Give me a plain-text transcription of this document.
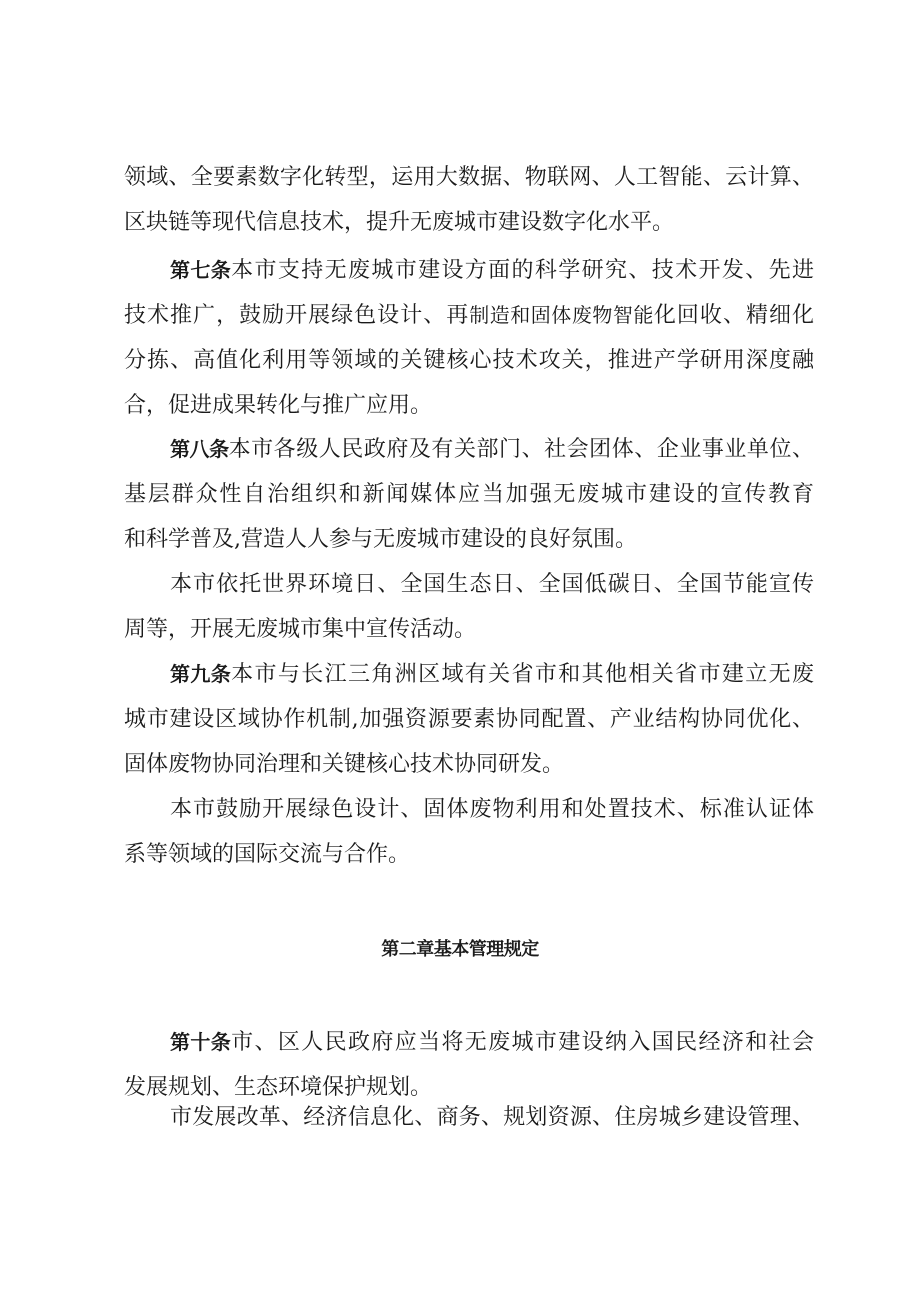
领域、全要素数字化转型，运用大数据、物联网、人工智能、云计算、
区块链等现代信息技术，提升无废城市建设数字化水平。
第七条本市支持无废城市建设方面的科学研究、技术开发、先进
技术推广，鼓励开展绿色设计、再制造和固体废物智能化回收、精细化
分拣、高值化利用等领域的关键核心技术攻关，推进产学研用深度融
合，促进成果转化与推广应用。
第八条本市各级人民政府及有关部门、社会团体、企业事业单位、
基层群众性自治组织和新闻媒体应当加强无废城市建设的宣传教育
和科学普及,营造人人参与无废城市建设的良好氛围。
本市依托世界环境日、全国生态日、全国低碳日、全国节能宣传
周等，开展无废城市集中宣传活动。
第九条本市与长江三角洲区域有关省市和其他相关省市建立无废
城市建设区域协作机制,加强资源要素协同配置、产业结构协同优化、
固体废物协同治理和关键核心技术协同研发。
本市鼓励开展绿色设计、固体废物利用和处置技术、标准认证体
系等领域的国际交流与合作。
第二章基本管理规定
第十条市、区人民政府应当将无废城市建设纳入国民经济和社会
发展规划、生态环境保护规划。
市发展改革、经济信息化、商务、规划资源、住房城乡建设管理、
